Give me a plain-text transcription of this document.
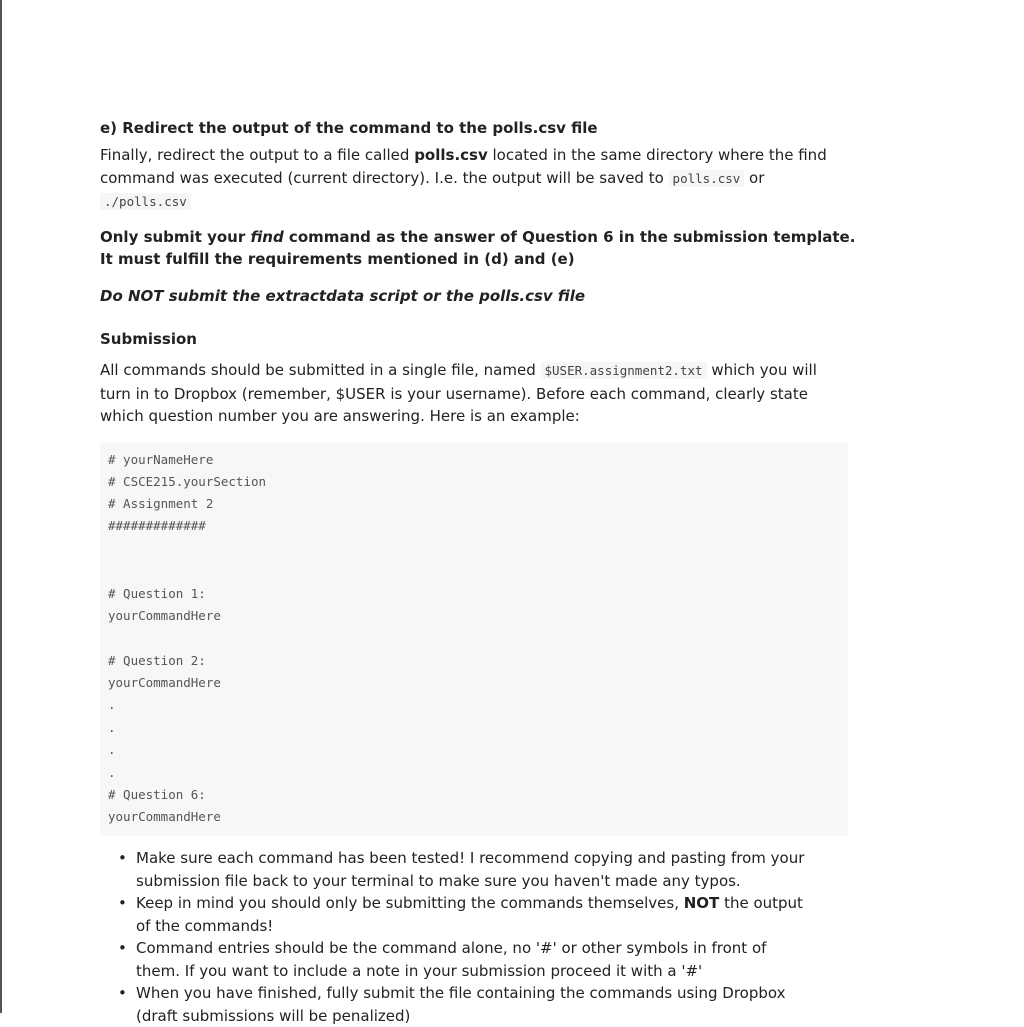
e) Redirect the output of the command to the polls.csv file
Finally, redirect the output to a file called polls.csv located in the same directory where the find command was executed (current directory). I.e. the output will be saved to polls.csv or
./polls.csv
Only submit your find command as the answer of Question 6 in the submission template. It must fulfill the requirements mentioned in (d) and (e)
Do NOT submit the extractdata script or the polls.csv file
Submission
All commands should be submitted in a single file, named $USER.assignment2.txt which you will turn in to Dropbox (remember, $USER is your username). Before each command, clearly state which question number you are answering. Here is an example:
# yourNameHere
# CSCE215.yourSection
# Assignment 2
#############
# Question 1:
yourCommandHere
# Question 2:
yourCommandHere
.
.
.
.
# Question 6:
yourCommandHere
• Make sure each command has been tested! I recommend copying and pasting from your submission file back to your terminal to make sure you haven't made any typos.
• Keep in mind you should only be submitting the commands themselves, NOT the output of the commands!
• Command entries should be the command alone, no '#' or other symbols in front of them. If you want to include a note in your submission proceed it with a '#'
• When you have finished, fully submit the file containing the commands using Dropbox (draft submissions will be penalized)
